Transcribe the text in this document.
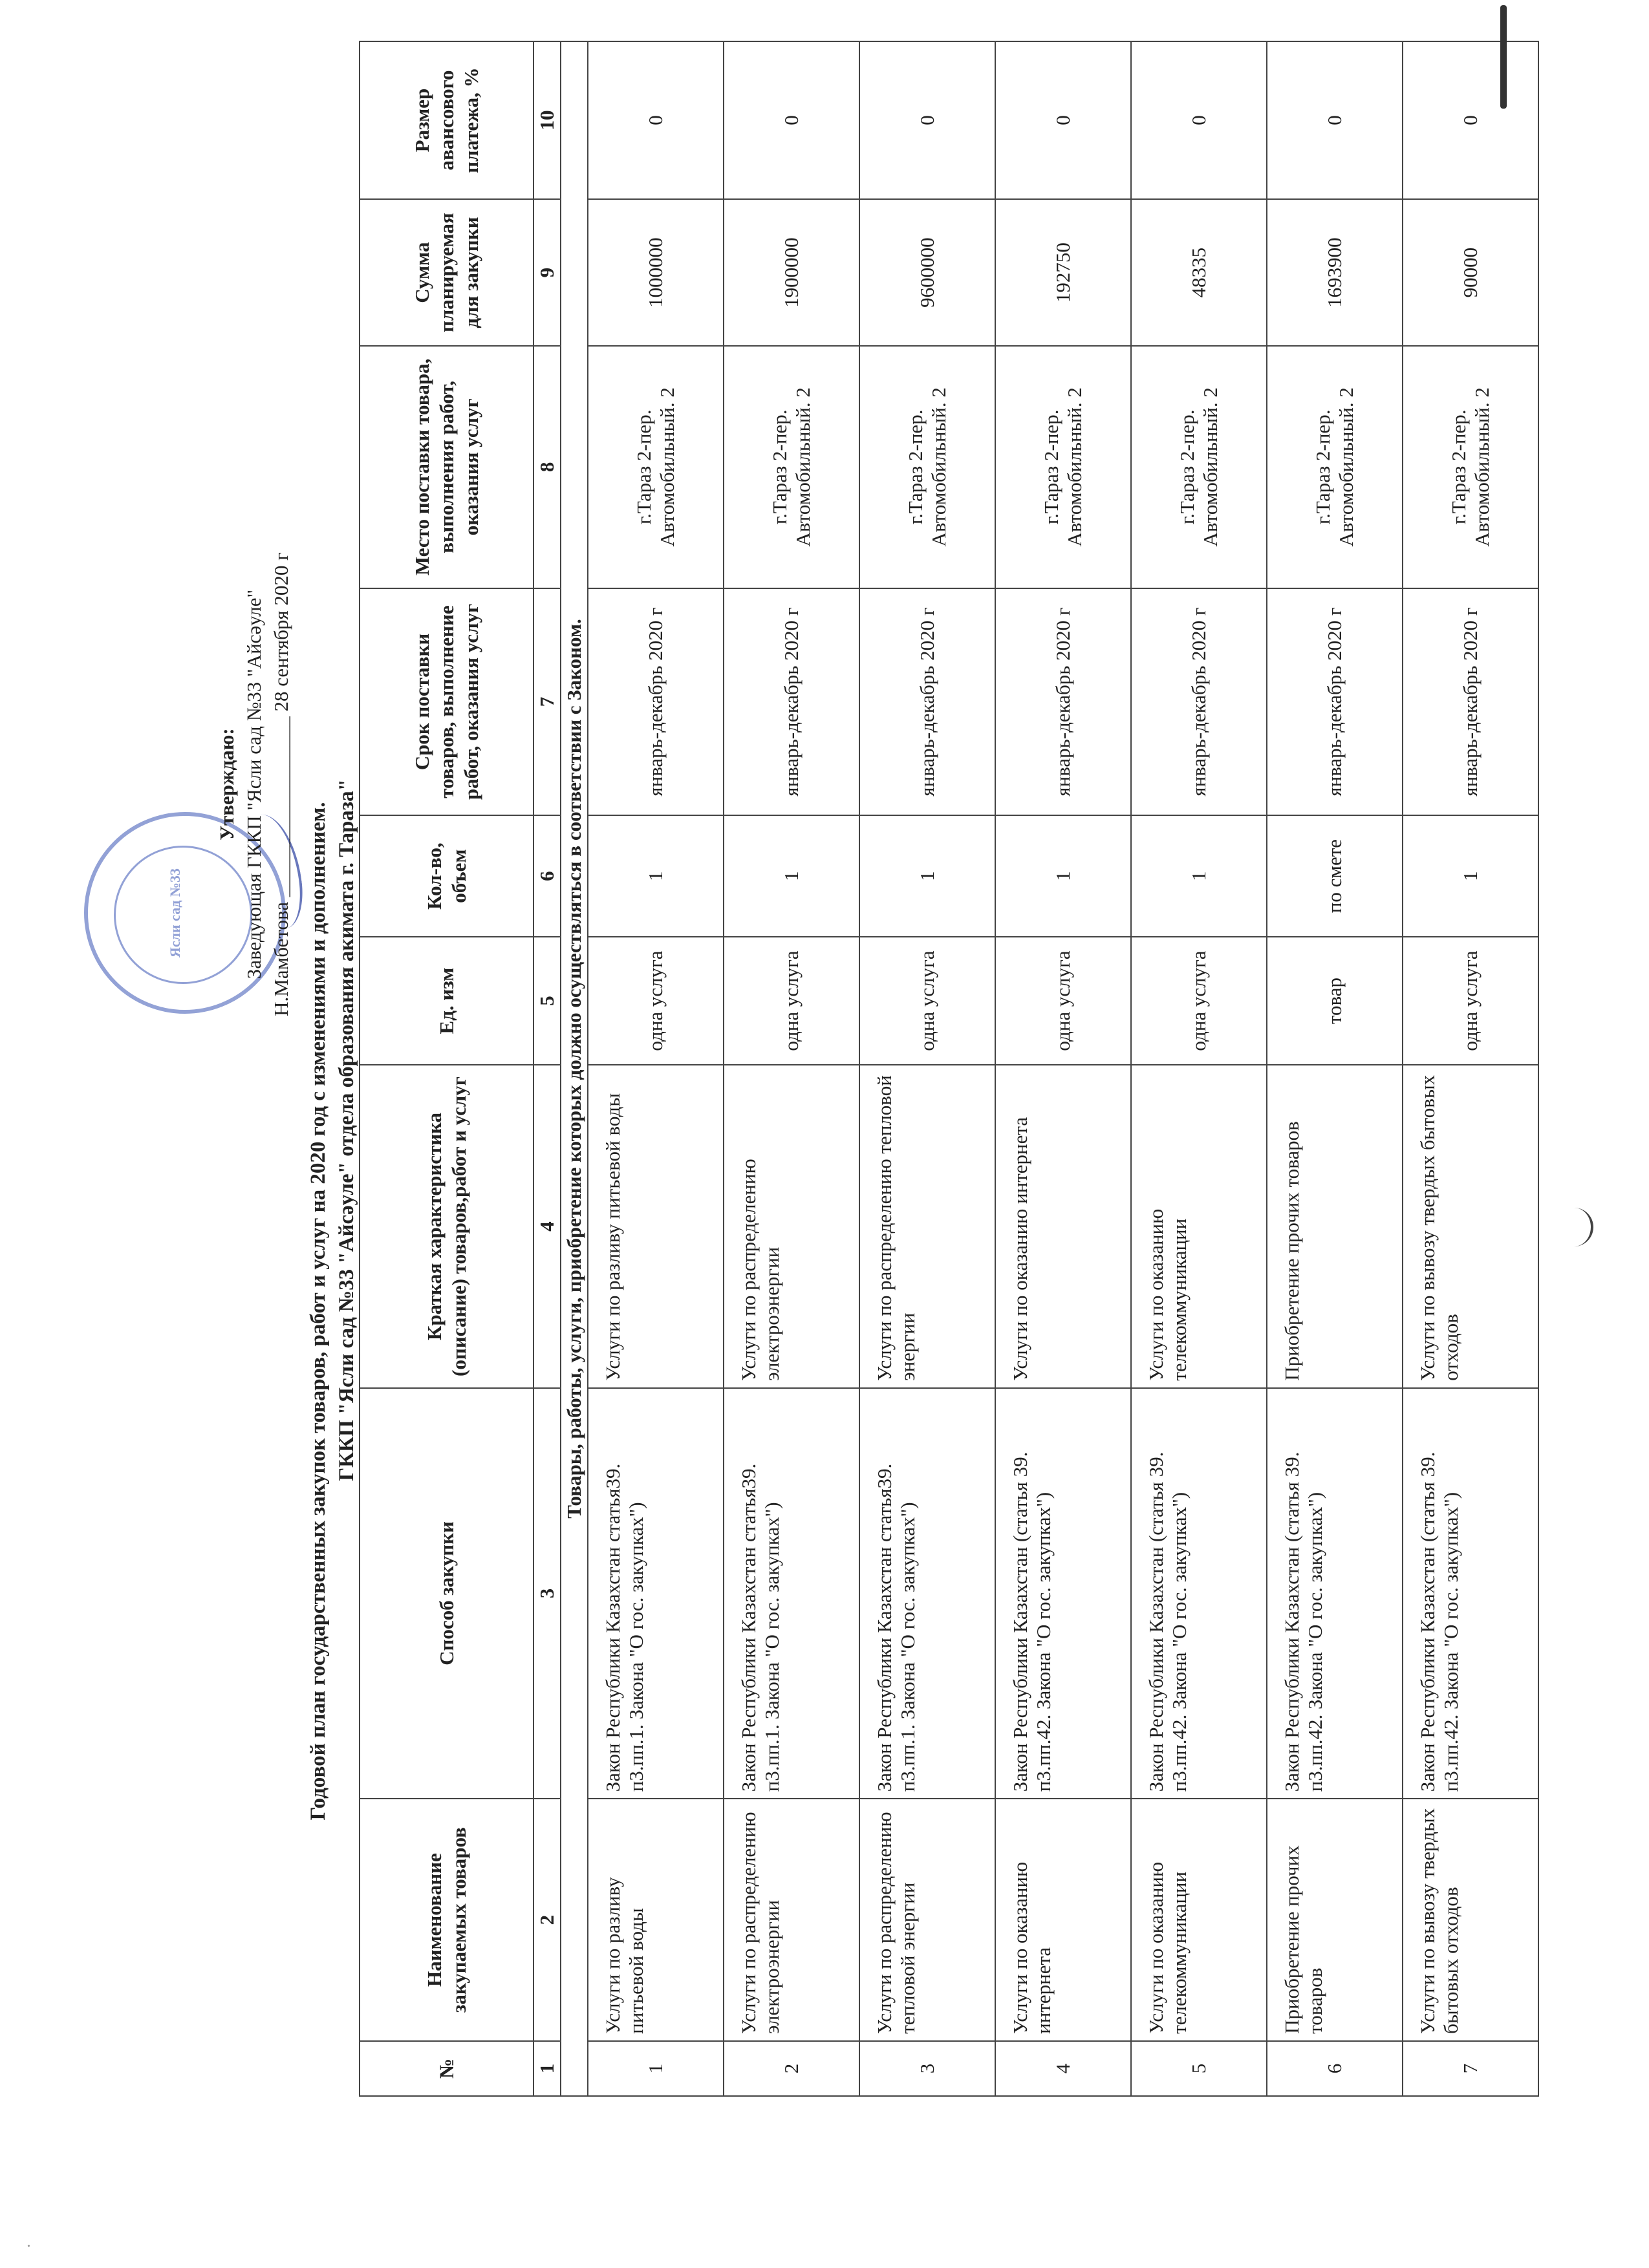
·
Ясли сад №33
Утверждаю: Заведующая ГККП "Ясли сад №33 "Айсәуле" Н.Мамбетова __________________ 28 сентября 2020 г
Годовой план государственных закупок товаров, работ и услуг на 2020 год с изменениями и дополнением. ГККП "Ясли сад №33 "Айсәуле" отдела образования акимата г. Тараза"
№	Наименование закупаемых товаров	Способ закупки	Краткая характеристика (описание) товаров,работ и услуг	Ед. изм	Кол-во, объем	Срок поставки товаров, выполнение работ, оказания услуг	Место поставки товара, выполнения работ, оказания услуг	Сумма планируемая для закупки	Размер авансового платежа, %
1	2	3	4	5	6	7	8	9	10
Товары, работы, услуги, приобретение которых должно осуществляться в соответствии с Законом.									
1	Услуги по разливу питьевой воды	Закон Республики Казахстан статья39. п3.пп.1. Закона "О гос. закупках")	Услуги по разливу питьевой воды	одна услуга	1	январь-декабрь 2020 г	г.Тараз 2-пер. Автомобильный. 2	1000000	0
2	Услуги по распределению электроэнергии	Закон Республики Казахстан статья39. п3.пп.1. Закона "О гос. закупках")	Услуги по распределению электроэнергии	одна услуга	1	январь-декабрь 2020 г	г.Тараз 2-пер. Автомобильный. 2	1900000	0
3	Услуги по распределению тепловой энергии	Закон Республики Казахстан статья39. п3.пп.1. Закона "О гос. закупках")	Услуги по распределению тепловой энергии	одна услуга	1	январь-декабрь 2020 г	г.Тараз 2-пер. Автомобильный. 2	9600000	0
4	Услуги по оказанию интернета	Закон Республики Казахстан (статья 39. п3.пп.42. Закона "О гос. закупках")	Услуги по оказанию интернета	одна услуга	1	январь-декабрь 2020 г	г.Тараз 2-пер. Автомобильный. 2	192750	0
5	Услуги по оказанию телекоммуникации	Закон Республики Казахстан (статья 39. п3.пп.42. Закона "О гос. закупках")	Услуги по оказанию телекоммуникации	одна услуга	1	январь-декабрь 2020 г	г.Тараз 2-пер. Автомобильный. 2	48335	0
6	Приобретение прочих товаров	Закон Республики Казахстан (статья 39. п3.пп.42. Закона "О гос. закупках")	Приобретение прочих товаров	товар	по смете	январь-декабрь 2020 г	г.Тараз 2-пер. Автомобильный. 2	1693900	0
7	Услуги по вывозу твердых бытовых отходов	Закон Республики Казахстан (статья 39. п3.пп.42. Закона "О гос. закупках")	Услуги по вывозу твердых бытовых отходов	одна услуга	1	январь-декабрь 2020 г	г.Тараз 2-пер. Автомобильный. 2	90000	0
